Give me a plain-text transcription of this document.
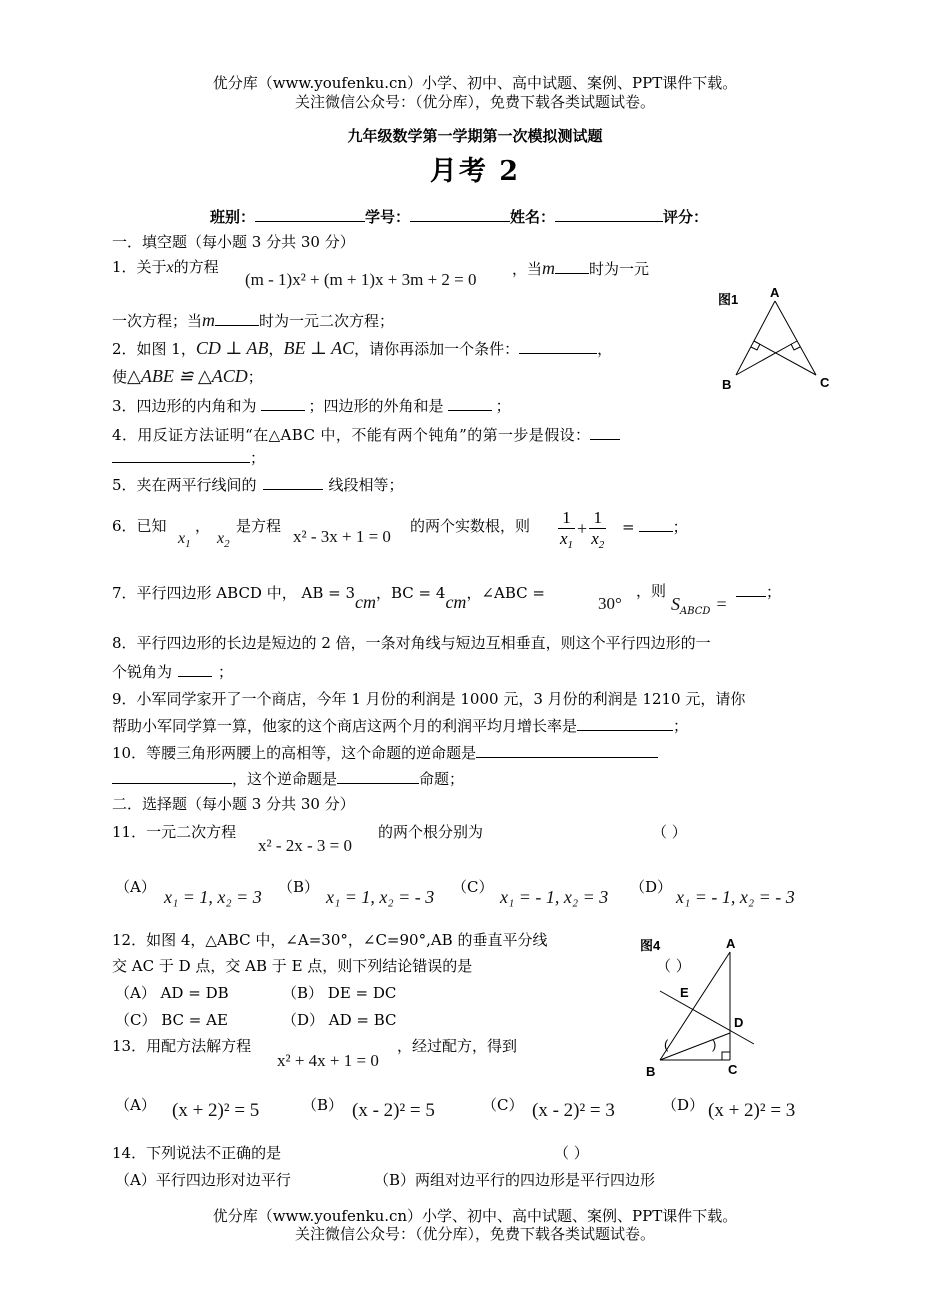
优分库（www.youfenku.cn）小学、初中、高中试题、案例、PPT课件下载。
关注微信公众号：（优分库），免费下载各类试题试卷。
九年级数学第一学期第一次模拟测试题
月考 2
班别：	学号：	姓名：	评分：
一．填空题（每小题 3 分共 30 分）
1．关于x的方程
(m - 1)x² + (m + 1)x + 3m + 2 = 0
，当m 时为一元
一次方程；当m	时为一元二次方程；
图1 A
B	C
2．如图 1，CD ⊥ AB，BE ⊥ AC，请你再添加一个条件：	，
使△ABE ≌ △ACD；
3．四边形的内角和为	；四边形的外角和是	；
4．用反证方法证明“在△ABC 中，不能有两个钝角”的第一步是假设：
；
5．夹在两平行线间的	线段相等；
6．已知
$x_1$
，
$x_2$
是方程
x² - 3x + 1 = 0
的两个实数根，则 $\frac{1}{x_1} + \frac{1}{x_2}$ =	；
7．平行四边形 ABCD 中， AB = 3cm，BC = 4cm，∠ABC =
30°
，则
$S_{ABCD}$ =
；
8．平行四边形的长边是短边的 2 倍，一条对角线与短边互相垂直，则这个平行四边形的一
个锐角为	；
9．小军同学家开了一个商店，今年 1 月份的利润是 1000 元，3 月份的利润是 1210 元，请你
帮助小军同学算一算，他家的这个商店这两个月的利润平均月增长率是	；
10．等腰三角形两腰上的高相等，这个命题的逆命题是
，这个逆命题是	命题；
二．选择题（每小题 3 分共 30 分）
11．一元二次方程
x² - 2x - 3 = 0
的两个根分别为	（ ）
（A） x₁ = 1, x₂ = 3 （B） x₁ = 1, x₂ = - 3 （C） x₁ = - 1, x₂ = 3 （D） x₁ = - 1, x₂ = - 3
12．如图 4，△ABC 中，∠A=30°，∠C=90°,AB 的垂直平分线
交 AC 于 D 点，交 AB 于 E 点，则下列结论错误的是	（ ）
（A） AD = DB	（B） DE = DC
（C） BC = AE	（D） AD = BC
图4	A
E
D
B	C
(	)
13．用配方法解方程
x² + 4x + 1 = 0
，经过配方，得到
（A） (x + 2)² = 5	（B） (x - 2)² = 5	（C） (x - 2)² = 3	（D） (x + 2)² = 3
14．下列说法不正确的是	（ ）
（A）平行四边形对边平行	（B）两组对边平行的四边形是平行四边形
优分库（www.youfenku.cn）小学、初中、高中试题、案例、PPT课件下载。
关注微信公众号：（优分库），免费下载各类试题试卷。
